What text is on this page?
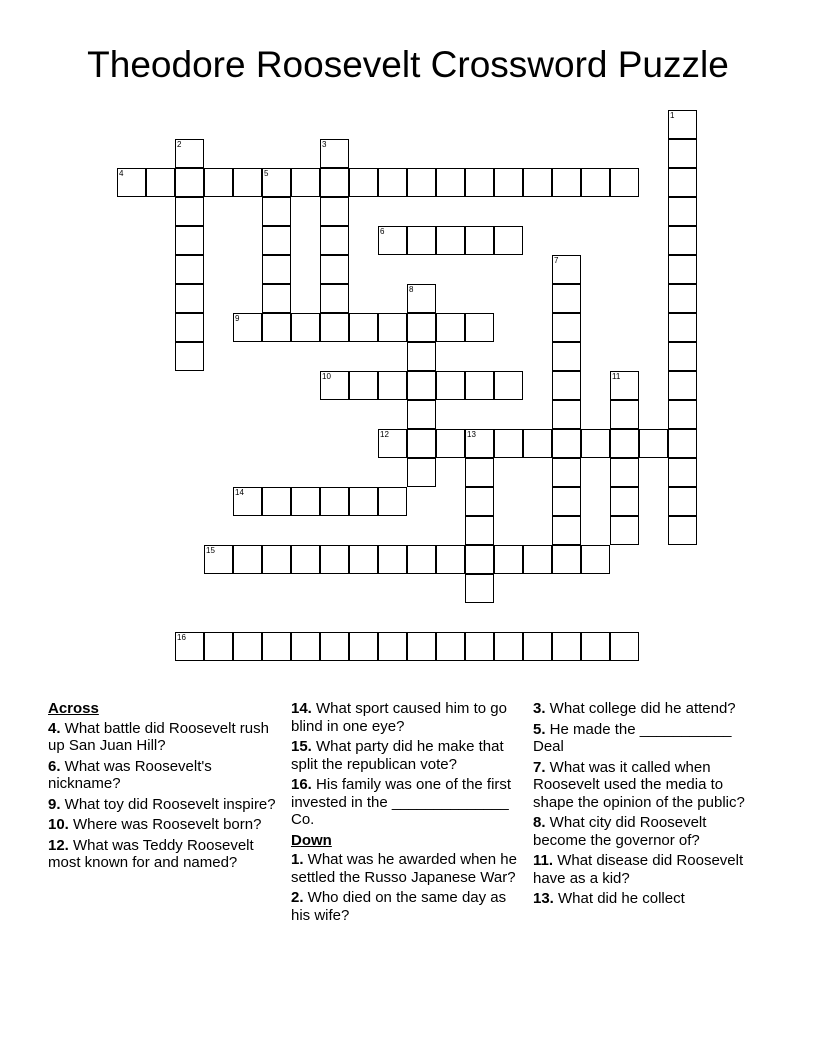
Theodore Roosevelt Crossword Puzzle
1
2	3
4	5
6
7
8
9
10	11
12	13
14
15
16
Across
4. What battle did Roosevelt rush up San Juan Hill?
6. What was Roosevelt's nickname?
9. What toy did Roosevelt inspire?
10. Where was Roosevelt born?
12. What was Teddy Roosevelt most known for and named?
14. What sport caused him to go blind in one eye?
15. What party did he make that split the republican vote?
16. His family was one of the first invested in the ______________ Co.
Down
1. What was he awarded when he settled the Russo Japanese War?
2. Who died on the same day as his wife?
3. What college did he attend?
5. He made the ___________ Deal
7. What was it called when Roosevelt used the media to shape the opinion of the public?
8. What city did Roosevelt become the governor of?
11. What disease did Roosevelt have as a kid?
13. What did he collect
